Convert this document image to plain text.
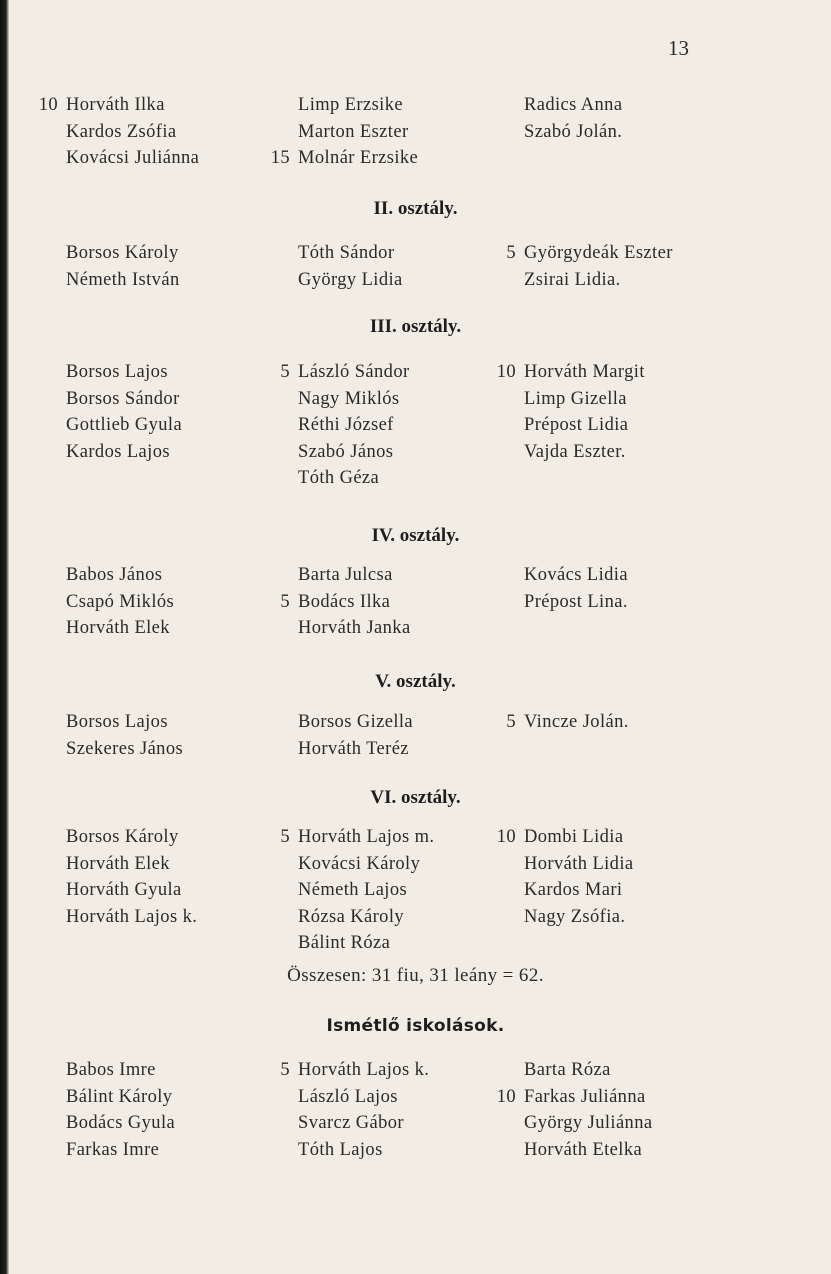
13
10 Horváth Ilka
Kardos Zsófia
Kovácsi Juliánna
Limp Erzsike
Marton Eszter
15 Molnár Erzsike
Radics Anna
Szabó Jolán.
II. osztály.
Borsos Károly
Németh István
Tóth Sándor
György Lidia
5 Györgydeák Eszter
Zsirai Lidia.
III. osztály.
Borsos Lajos
Borsos Sándor
Gottlieb Gyula
Kardos Lajos
5 László Sándor
Nagy Miklós
Réthi József
Szabó János
Tóth Géza
10 Horváth Margit
Limp Gizella
Prépost Lidia
Vajda Eszter.
IV. osztály.
Babos János
Csapó Miklós
Horváth Elek
Barta Julcsa
5 Bodács Ilka
Horváth Janka
Kovács Lidia
Prépost Lina.
V. osztály.
Borsos Lajos
Szekeres János
Borsos Gizella
Horváth Teréz
5 Vincze Jolán.
VI. osztály.
Borsos Károly
Horváth Elek
Horváth Gyula
Horváth Lajos k.
5 Horváth Lajos m.
Kovácsi Károly
Németh Lajos
Rózsa Károly
Bálint Róza
10 Dombi Lidia
Horváth Lidia
Kardos Mari
Nagy Zsófia.
Összesen: 31 fiu, 31 leány = 62.
Ismétlő iskolások.
Babos Imre
Bálint Károly
Bodács Gyula
Farkas Imre
5 Horváth Lajos k.
László Lajos
Svarcz Gábor
Tóth Lajos
Barta Róza
10 Farkas Juliánna
György Juliánna
Horváth Etelka
